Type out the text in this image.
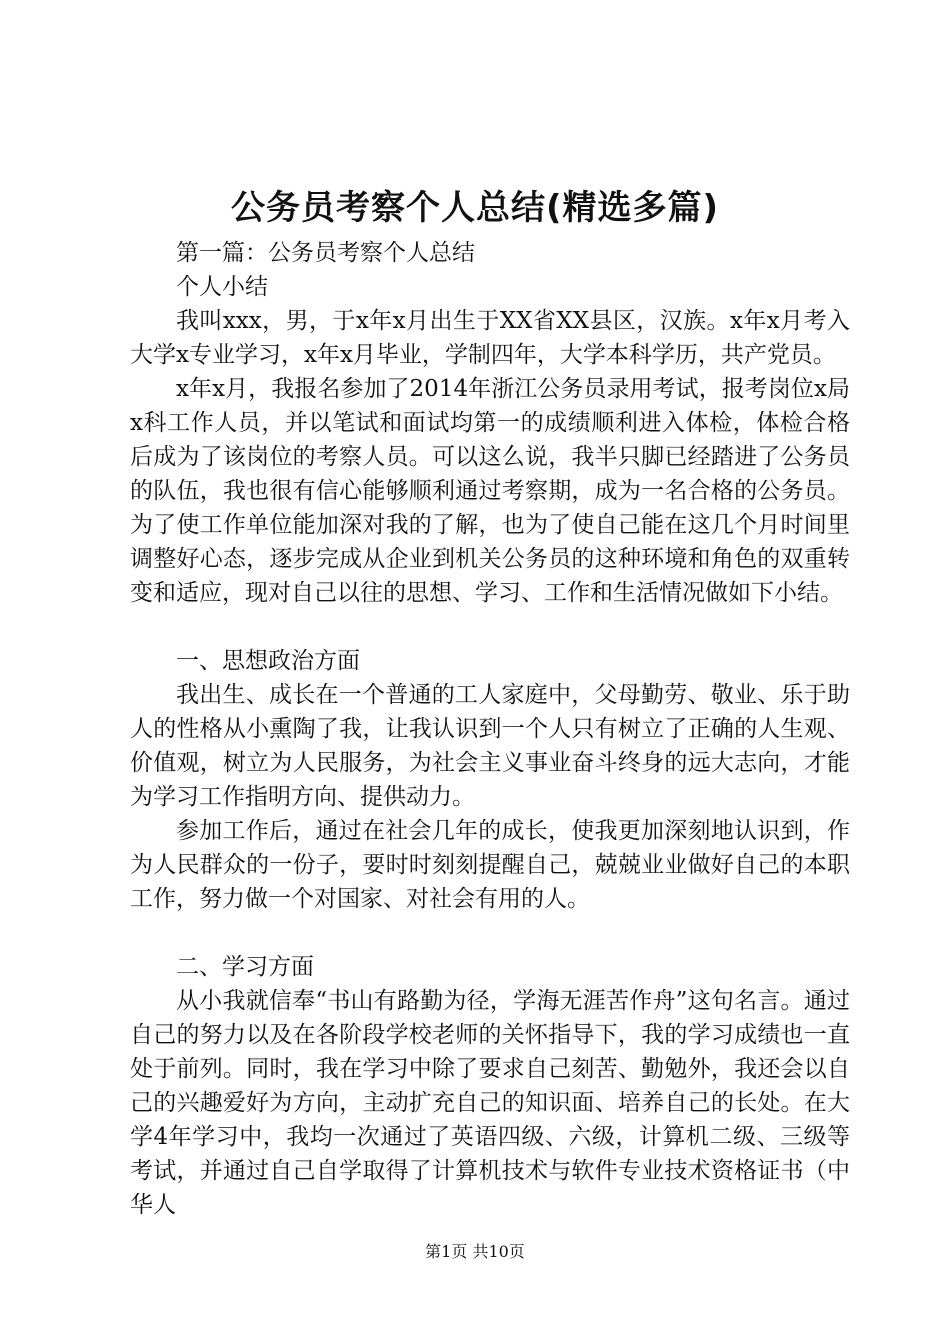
公务员考察个人总结(精选多篇)

第一篇：公务员考察个人总结

个人小结

我叫xxx，男，于x年x月出生于XX省XX县区，汉族。x年x月考入大学x专业学习，x年x月毕业，学制四年，大学本科学历，共产党员。

x年x月，我报名参加了2014年浙江公务员录用考试，报考岗位x局x科工作人员，并以笔试和面试均第一的成绩顺利进入体检，体检合格后成为了该岗位的考察人员。可以这么说，我半只脚已经踏进了公务员的队伍，我也很有信心能够顺利通过考察期，成为一名合格的公务员。为了使工作单位能加深对我的了解，也为了使自己能在这几个月时间里调整好心态，逐步完成从企业到机关公务员的这种环境和角色的双重转变和适应，现对自己以往的思想、学习、工作和生活情况做如下小结。

一、思想政治方面

我出生、成长在一个普通的工人家庭中，父母勤劳、敬业、乐于助人的性格从小熏陶了我，让我认识到一个人只有树立了正确的人生观、价值观，树立为人民服务，为社会主义事业奋斗终身的远大志向，才能为学习工作指明方向、提供动力。

参加工作后，通过在社会几年的成长，使我更加深刻地认识到，作为人民群众的一份子，要时时刻刻提醒自己，兢兢业业做好自己的本职工作，努力做一个对国家、对社会有用的人。

二、学习方面

从小我就信奉“书山有路勤为径，学海无涯苦作舟”这句名言。通过自己的努力以及在各阶段学校老师的关怀指导下，我的学习成绩也一直处于前列。同时，我在学习中除了要求自己刻苦、勤勉外，我还会以自己的兴趣爱好为方向，主动扩充自己的知识面、培养自己的长处。在大学4年学习中，我均一次通过了英语四级、六级，计算机二级、三级等考试，并通过自己自学取得了计算机技术与软件专业技术资格证书（中华人

第1页 共10页
